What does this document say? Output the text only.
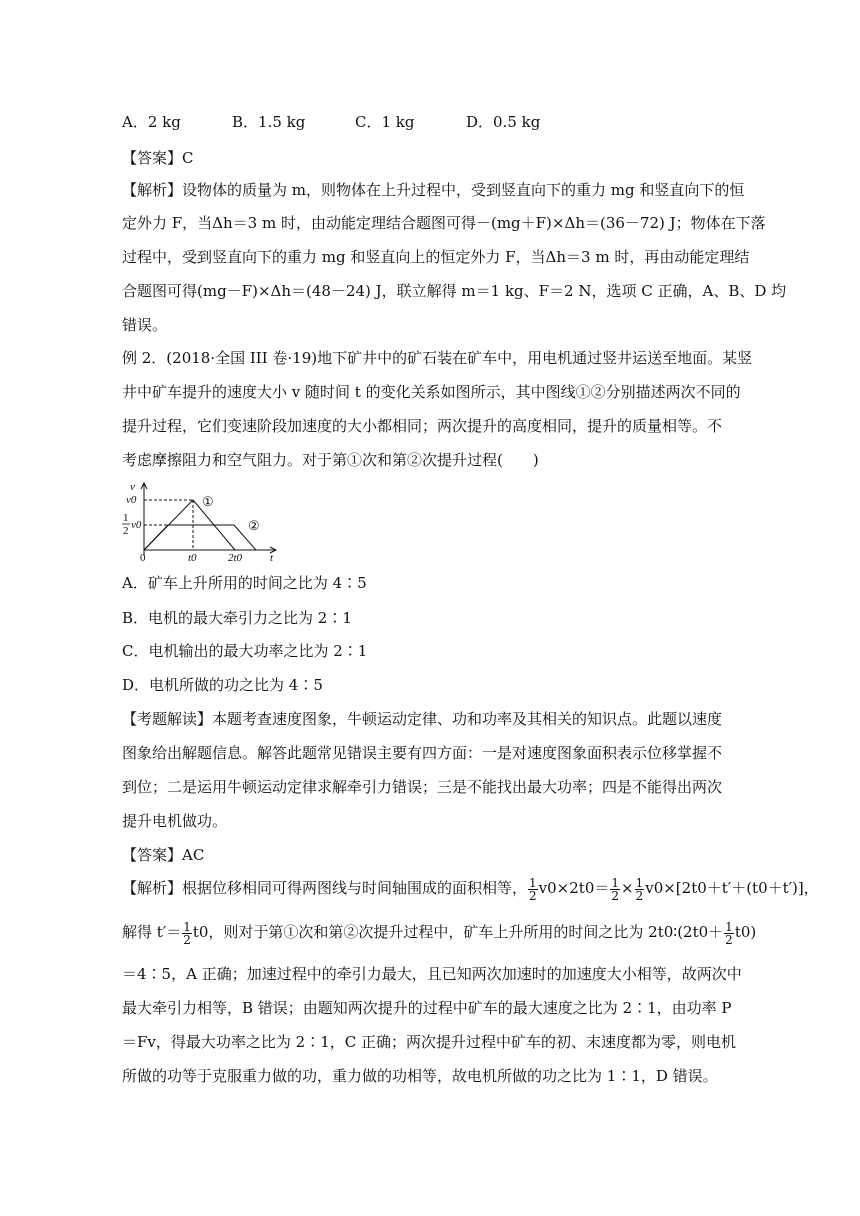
A．2 kg	B．1.5 kg	C．1 kg	D．0.5 kg
【答案】C
【解析】设物体的质量为 m，则物体在上升过程中，受到竖直向下的重力 mg 和竖直向下的恒
定外力 F，当Δh＝3 m 时，由动能定理结合题图可得－(mg＋F)×Δh＝(36－72) J；物体在下落
过程中，受到竖直向下的重力 mg 和竖直向上的恒定外力 F，当Δh＝3 m 时，再由动能定理结
合题图可得(mg－F)×Δh＝(48－24) J，联立解得 m＝1 kg、F＝2 N，选项 C 正确，A、B、D 均
错误。
例 2．(2018·全国 III 卷·19)地下矿井中的矿石装在矿车中，用电机通过竖井运送至地面。某竖
井中矿车提升的速度大小 v 随时间 t 的变化关系如图所示，其中图线①②分别描述两次不同的
提升过程，它们变速阶段加速度的大小都相同；两次提升的高度相同，提升的质量相等。不
考虑摩擦阻力和空气阻力。对于第①次和第②次提升过程(　　)
v
v0
1
2 v0
0	t0	2t0	t
①
②
A．矿车上升所用的时间之比为 4∶5
B．电机的最大牵引力之比为 2∶1
C．电机输出的最大功率之比为 2∶1
D．电机所做的功之比为 4∶5
【考题解读】本题考查速度图象，牛顿运动定律、功和功率及其相关的知识点。此题以速度
图象给出解题信息。解答此题常见错误主要有四方面：一是对速度图象面积表示位移掌握不
到位；二是运用牛顿运动定律求解牵引力错误；三是不能找出最大功率；四是不能得出两次
提升电机做功。
【答案】AC
【解析】根据位移相同可得两图线与时间轴围成的面积相等， $\frac{1}{2} v0\times 2t0= \frac{1}{2} \times \frac{1}{2} v0\times[2t0+t'+(t0+t')]$，
解得 $t'= \frac{1}{2} t0$，则对于第①次和第②次提升过程中，矿车上升所用的时间之比为 2t0∶(2t0＋ $\frac{1}{2} t0$)
＝4∶5，A 正确；加速过程中的牵引力最大，且已知两次加速时的加速度大小相等，故两次中
最大牵引力相等，B 错误；由题知两次提升的过程中矿车的最大速度之比为 2∶1，由功率 P
＝Fv，得最大功率之比为 2∶1，C 正确；两次提升过程中矿车的初、末速度都为零，则电机
所做的功等于克服重力做的功，重力做的功相等，故电机所做的功之比为 1∶1，D 错误。
